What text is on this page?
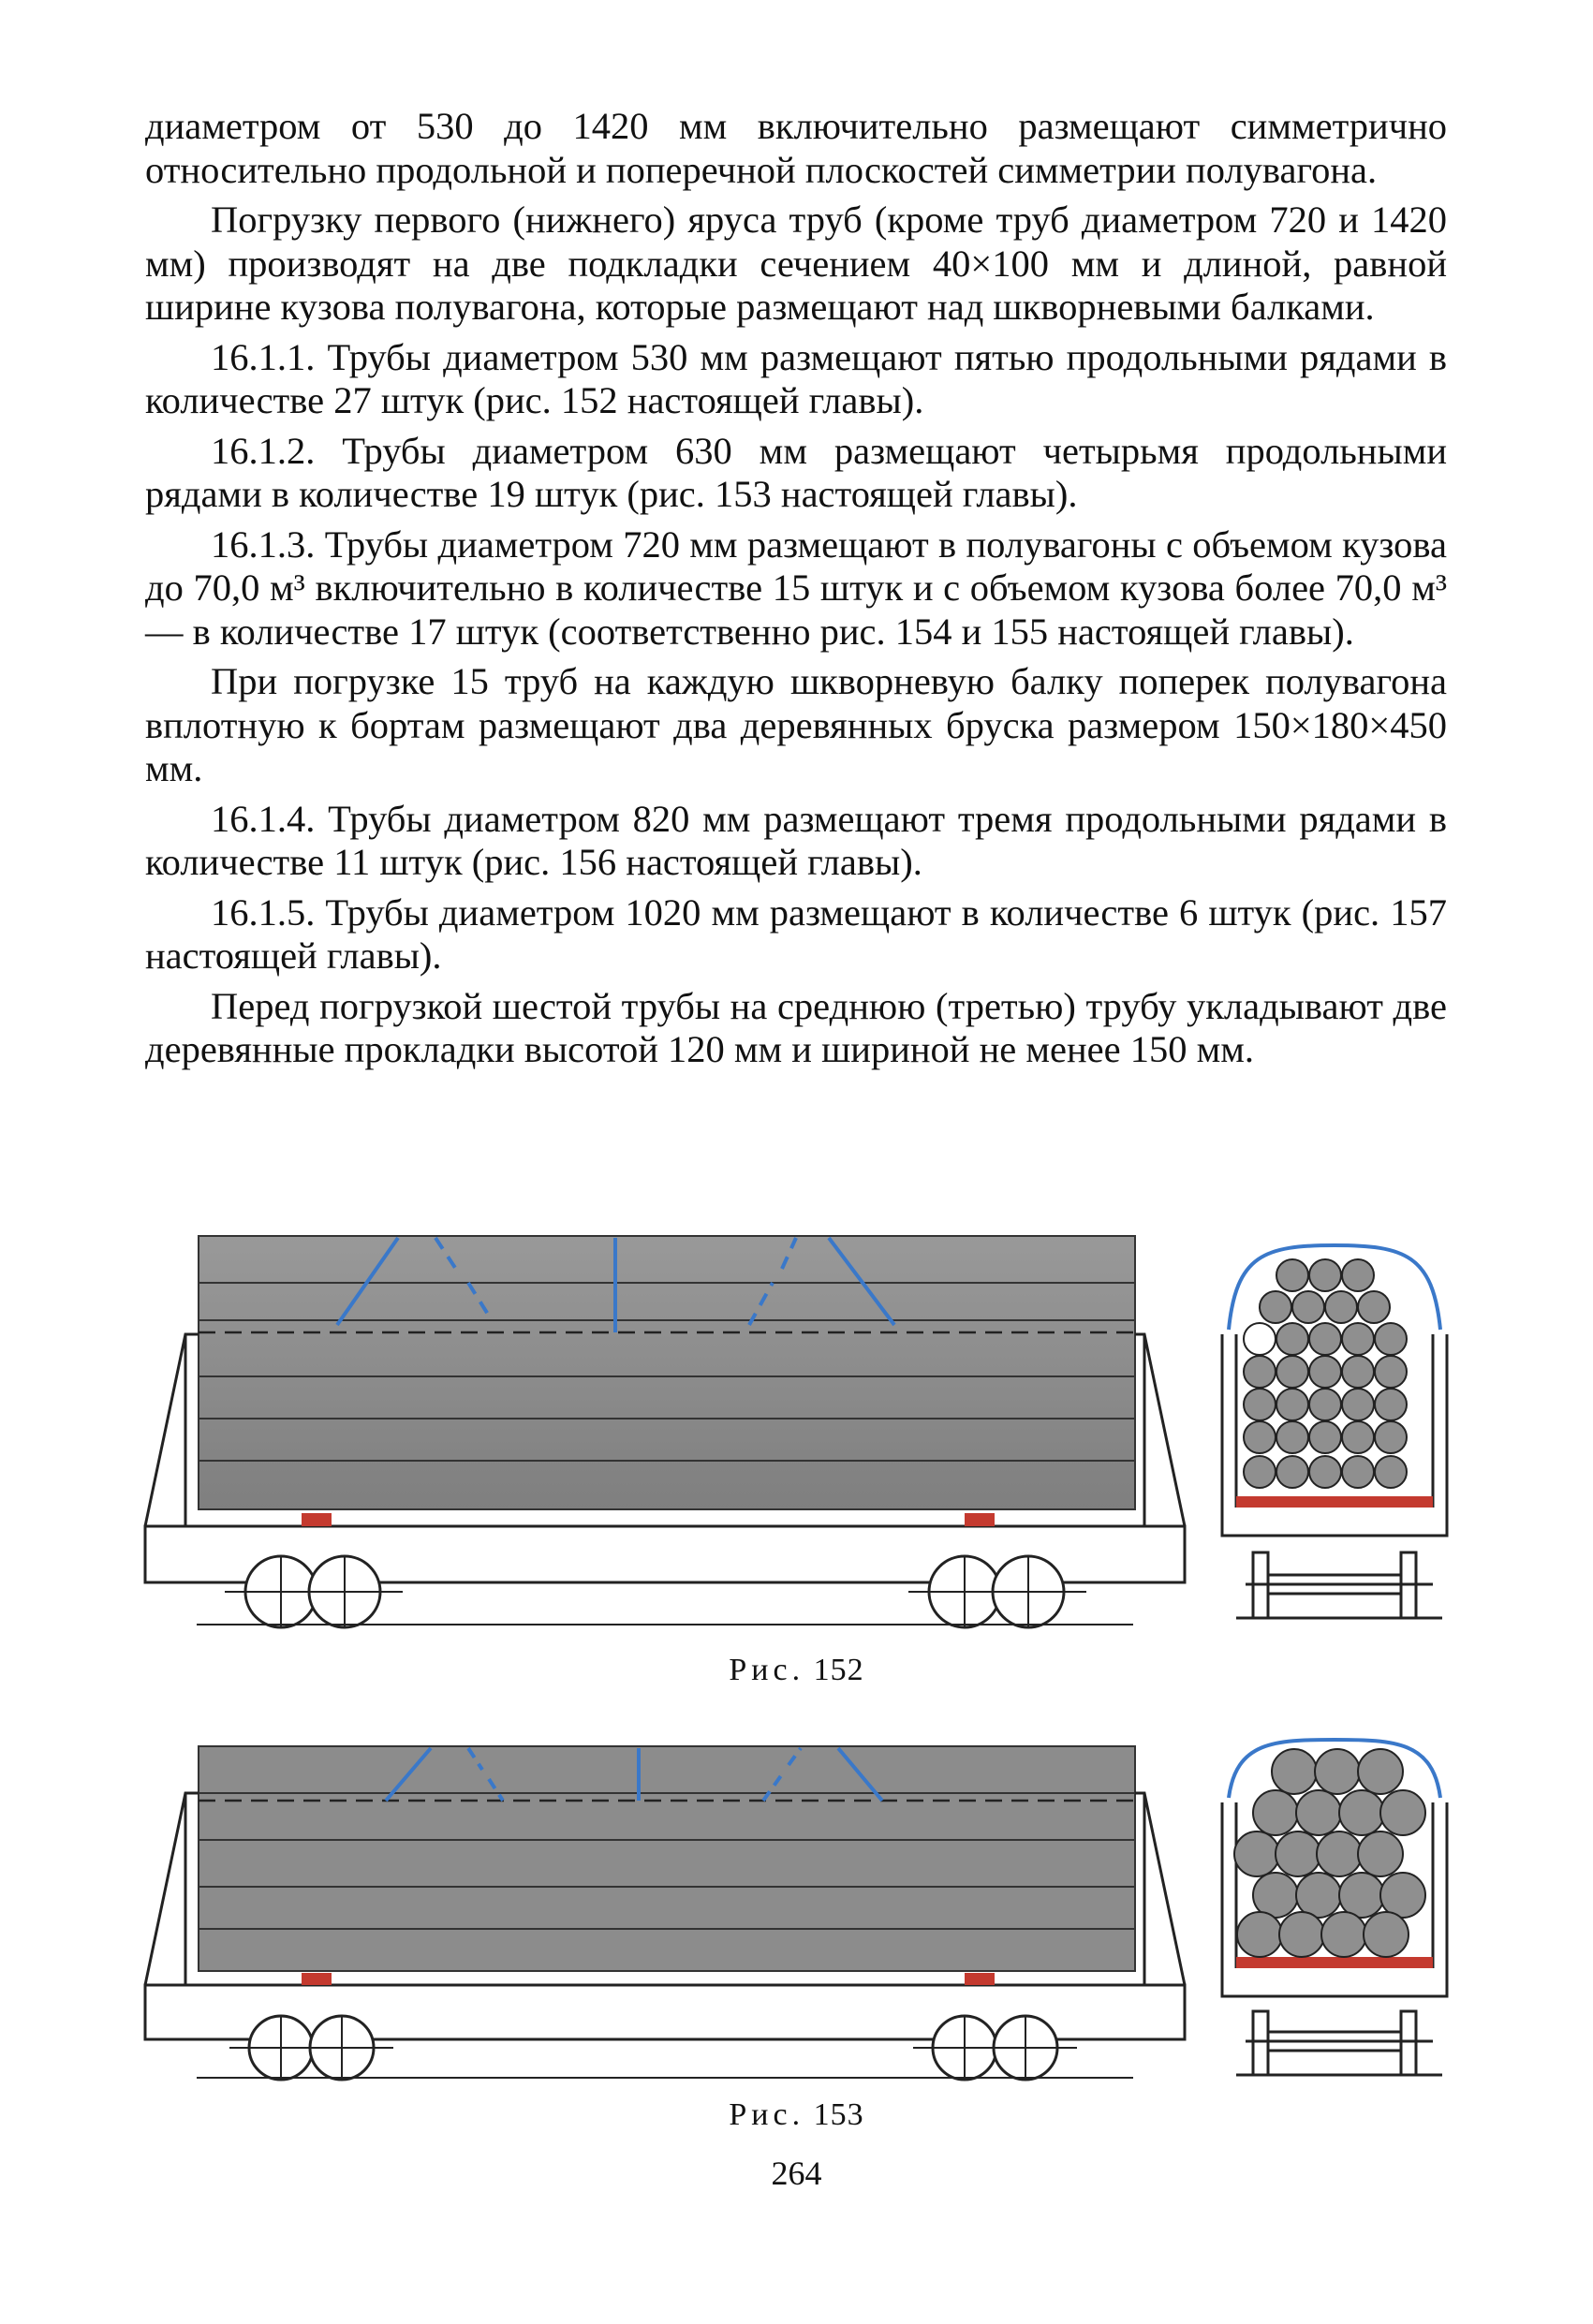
диаметром от 530 до 1420 мм включительно размещают симметрично относительно продольной и поперечной плоскостей симметрии полувагона.

Погрузку первого (нижнего) яруса труб (кроме труб диаметром 720 и 1420 мм) производят на две подкладки сечением 40×100 мм и длиной, равной ширине кузова полувагона, которые размещают над шкворневыми балками.

16.1.1. Трубы диаметром 530 мм размещают пятью продольными рядами в количестве 27 штук (рис. 152 настоящей главы).

16.1.2. Трубы диаметром 630 мм размещают четырьмя продольными рядами в количестве 19 штук (рис. 153 настоящей главы).

16.1.3. Трубы диаметром 720 мм размещают в полувагоны с объемом кузова до 70,0 м³ включительно в количестве 15 штук и с объемом кузова более 70,0 м³ — в количестве 17 штук (соответственно рис. 154 и 155 настоящей главы).

При погрузке 15 труб на каждую шкворневую балку поперек полувагона вплотную к бортам размещают два деревянных бруска размером 150×180×450 мм.

16.1.4. Трубы диаметром 820 мм размещают тремя продольными рядами в количестве 11 штук (рис. 156 настоящей главы).

16.1.5. Трубы диаметром 1020 мм размещают в количестве 6 штук (рис. 157 настоящей главы).

Перед погрузкой шестой трубы на среднюю (третью) трубу укладывают две деревянные прокладки высотой 120 мм и шириной не менее 150 мм.

Рис. 152
Рис. 153
264
